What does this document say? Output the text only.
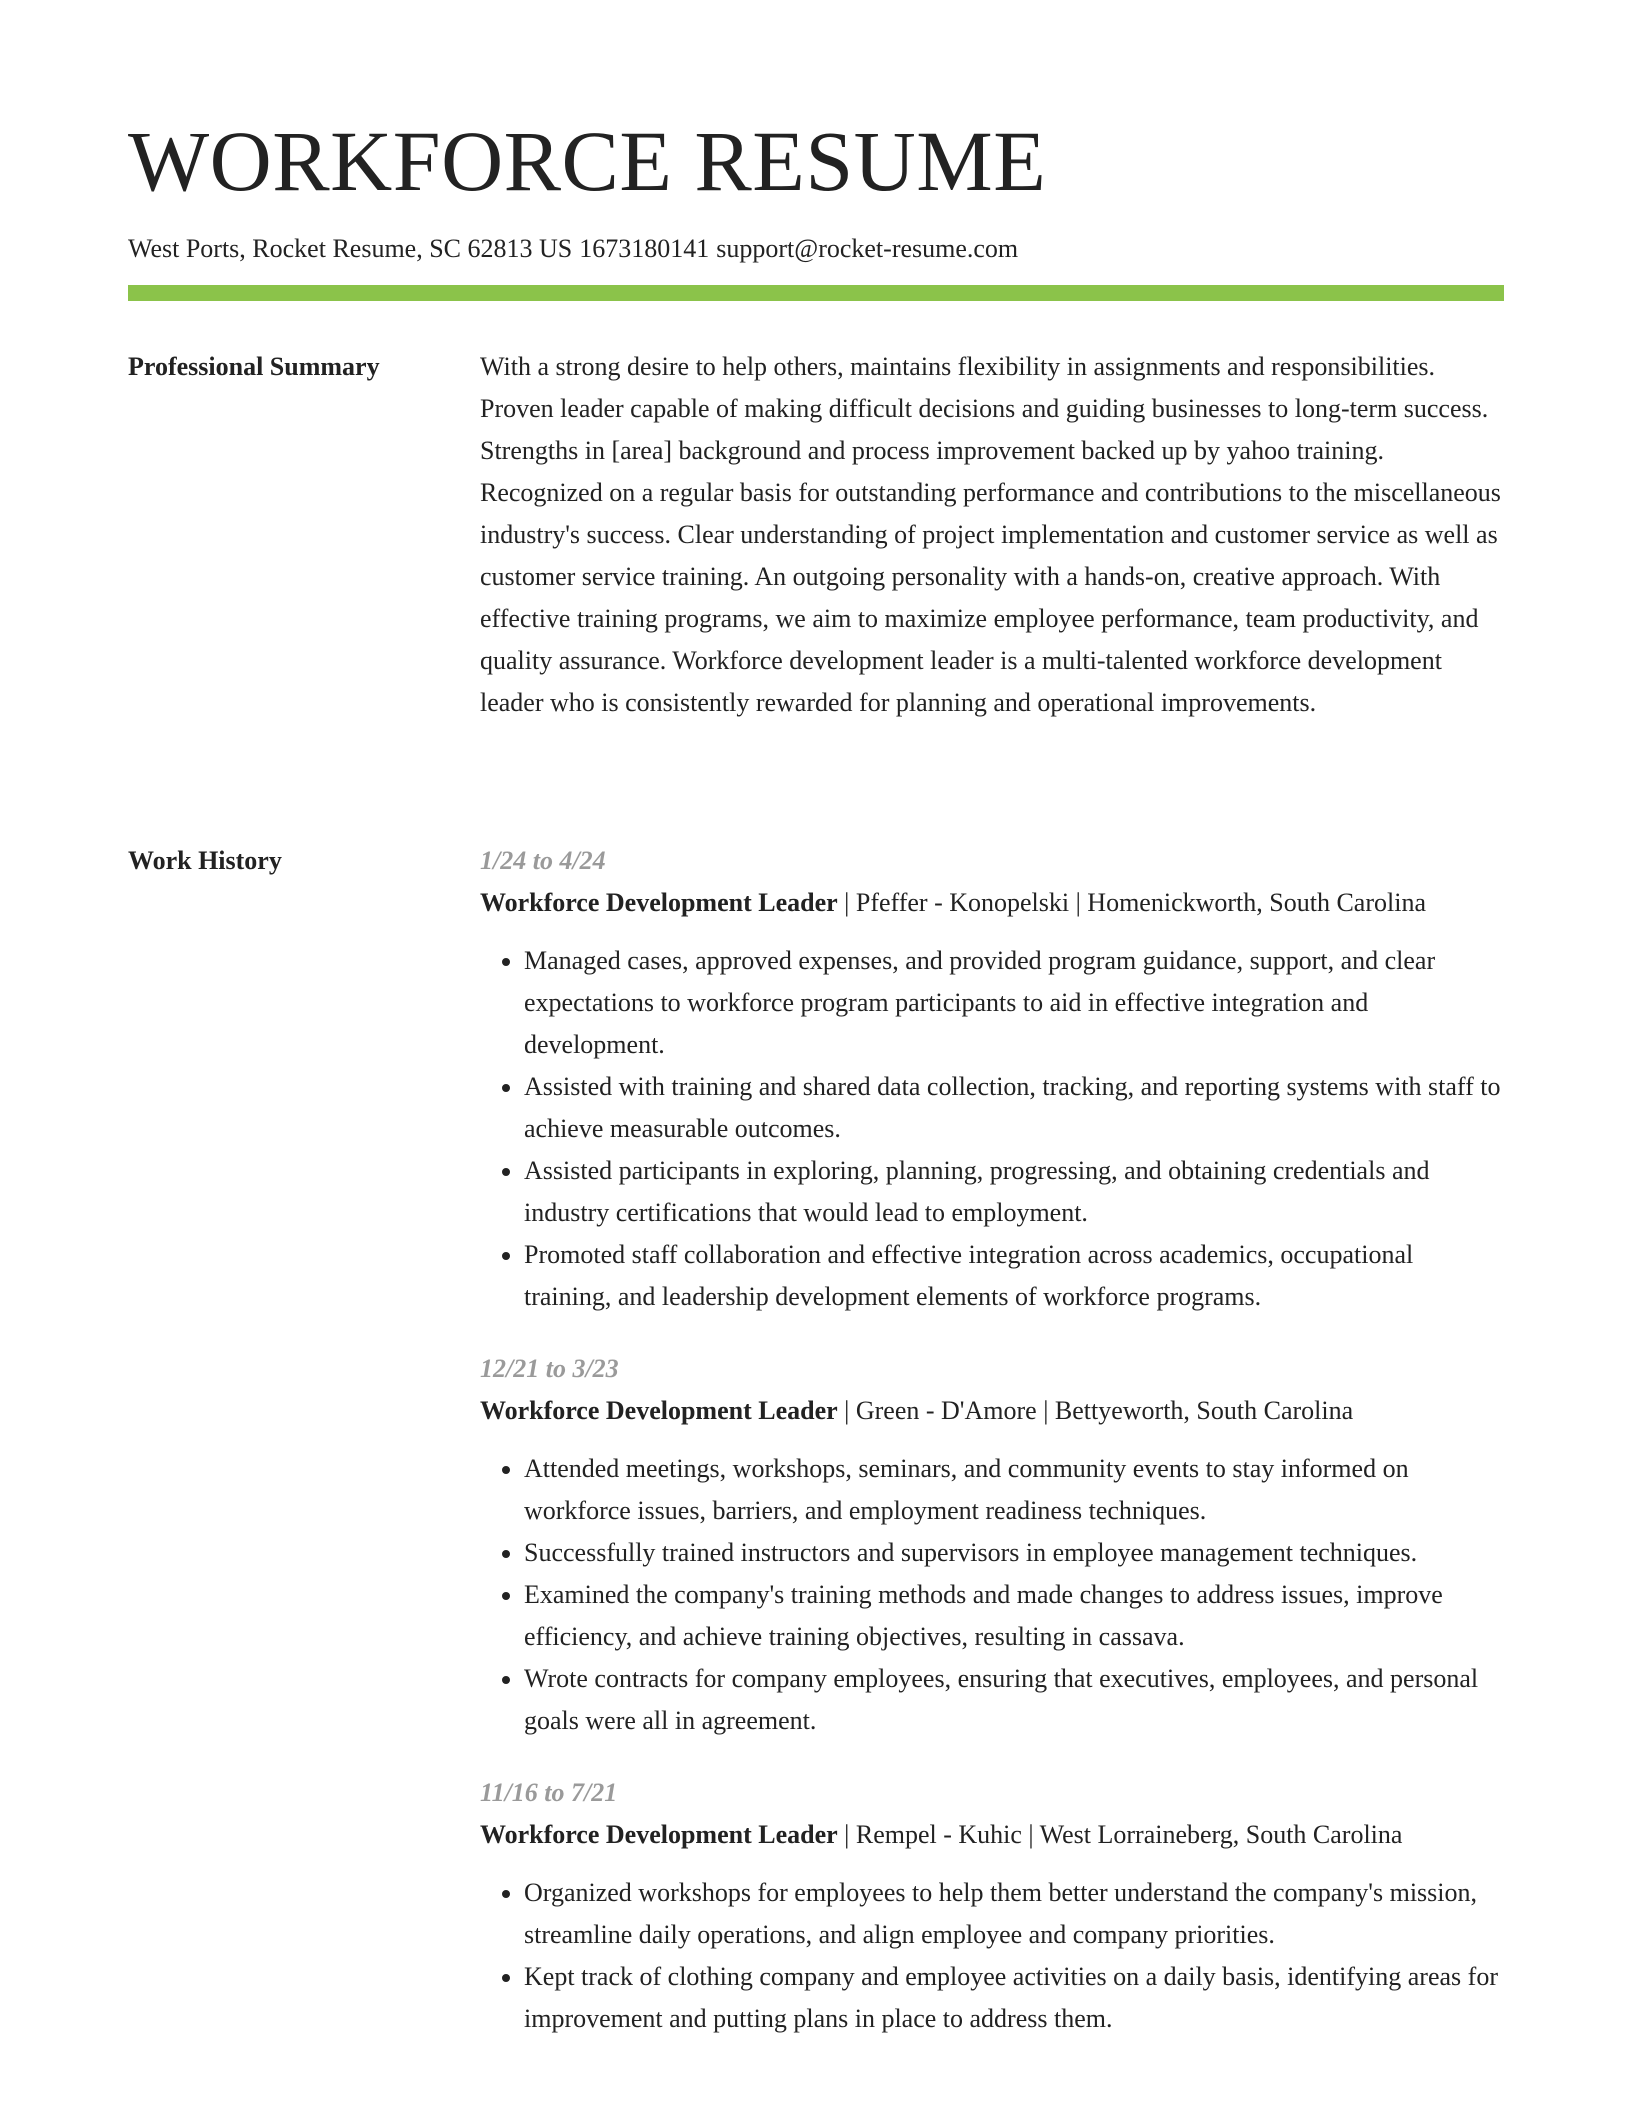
WORKFORCE RESUME
West Ports, Rocket Resume, SC 62813 US 1673180141 support@rocket-resume.com
Professional Summary	With a strong desire to help others, maintains flexibility in assignments and responsibilities. Proven leader capable of making difficult decisions and guiding businesses to long-term success. Strengths in [area] background and process improvement backed up by yahoo training. Recognized on a regular basis for outstanding performance and contributions to the miscellaneous industry's success. Clear understanding of project implementation and customer service as well as customer service training. An outgoing personality with a hands-on, creative approach. With effective training programs, we aim to maximize employee performance, team productivity, and quality assurance. Workforce development leader is a multi-talented workforce development leader who is consistently rewarded for planning and operational improvements.

Work History	1/24 to 4/24
Workforce Development Leader | Pfeffer - Konopelski | Homenickworth, South Carolina
• Managed cases, approved expenses, and provided program guidance, support, and clear expectations to workforce program participants to aid in effective integration and development.
• Assisted with training and shared data collection, tracking, and reporting systems with staff to achieve measurable outcomes.
• Assisted participants in exploring, planning, progressing, and obtaining credentials and industry certifications that would lead to employment.
• Promoted staff collaboration and effective integration across academics, occupational training, and leadership development elements of workforce programs.
12/21 to 3/23
Workforce Development Leader | Green - D'Amore | Bettyeworth, South Carolina
• Attended meetings, workshops, seminars, and community events to stay informed on workforce issues, barriers, and employment readiness techniques.
• Successfully trained instructors and supervisors in employee management techniques.
• Examined the company's training methods and made changes to address issues, improve efficiency, and achieve training objectives, resulting in cassava.
• Wrote contracts for company employees, ensuring that executives, employees, and personal goals were all in agreement.
11/16 to 7/21
Workforce Development Leader | Rempel - Kuhic | West Lorraineberg, South Carolina
• Organized workshops for employees to help them better understand the company's mission, streamline daily operations, and align employee and company priorities.
• Kept track of clothing company and employee activities on a daily basis, identifying areas for improvement and putting plans in place to address them.
